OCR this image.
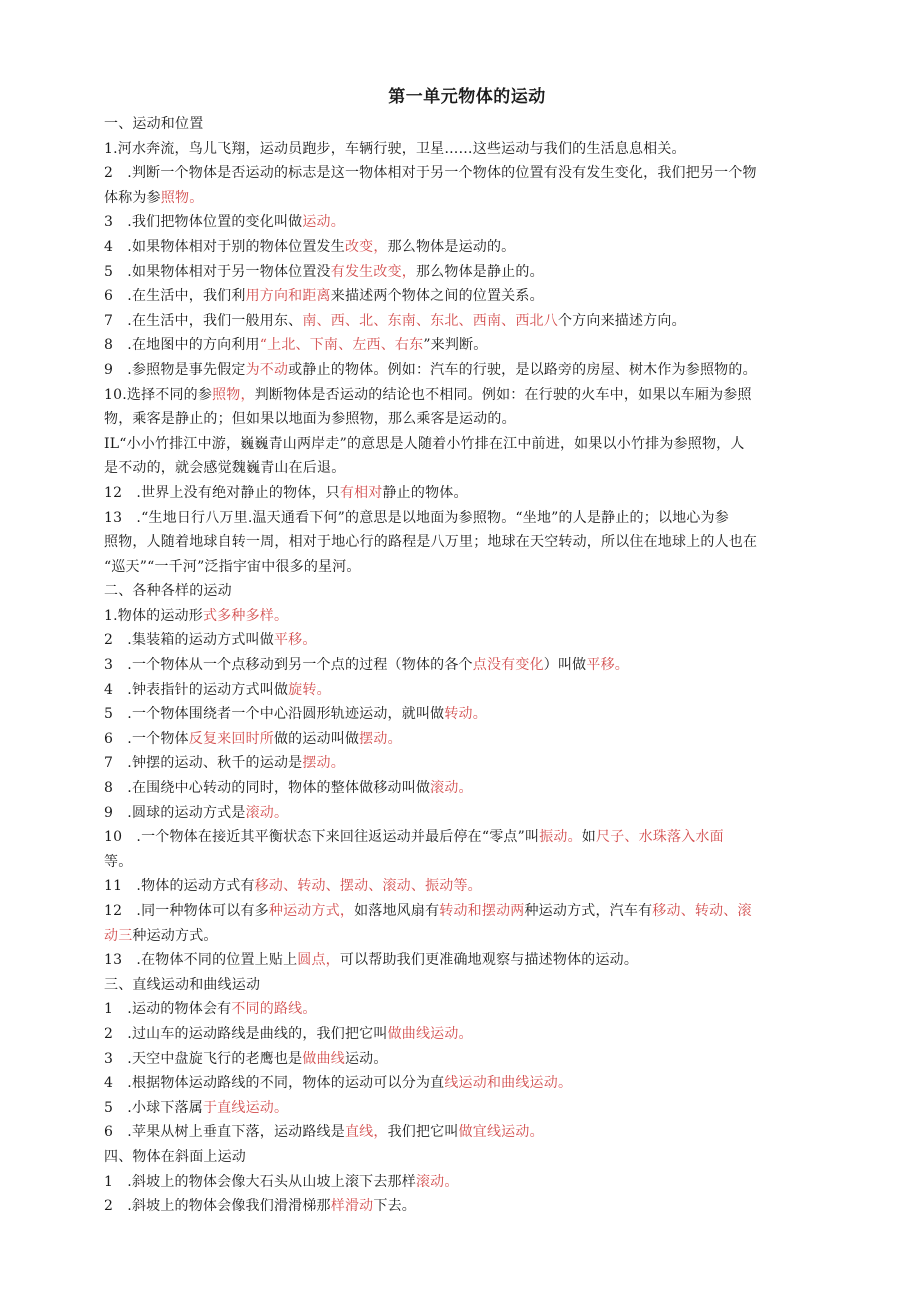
第一单元物体的运动
一、运动和位置
1.河水奔流，鸟儿飞翔，运动员跑步，车辆行驶，卫星……这些运动与我们的生活息息相关。
2　.判断一个物体是否运动的标志是这一物体相对于另一个物体的位置有没有发生变化，我们把另一个物
体称为参照物。
3　.我们把物体位置的变化叫做运动。
4　.如果物体相对于别的物体位置发生改变，那么物体是运动的。
5　.如果物体相对于另一物体位置没有发生改变，那么物体是静止的。
6　.在生活中，我们利用方向和距离来描述两个物体之间的位置关系。
7　.在生活中，我们一般用东、南、西、北、东南、东北、西南、西北八个方向来描述方向。
8　.在地图中的方向利用“上北、下南、左西、右东”来判断。
9　.参照物是事先假定为不动或静止的物体。例如：汽车的行驶，是以路旁的房屋、树木作为参照物的。
10.选择不同的参照物，判断物体是否运动的结论也不相同。例如：在行驶的火车中，如果以车厢为参照
物，乘客是静止的；但如果以地面为参照物，那么乘客是运动的。
IL“小小竹排江中游，巍巍青山两岸走”的意思是人随着小竹排在江中前进，如果以小竹排为参照物，人
是不动的，就会感觉魏巍青山在后退。
12　.世界上没有绝对静止的物体，只有相对静止的物体。
13　.“生地日行八万里.温天通看下何”的意思是以地面为参照物。“坐地”的人是静止的；以地心为参
照物，人随着地球自转一周，相对于地心行的路程是八万里；地球在天空转动，所以住在地球上的人也在
“巡天”“一千河”泛指宇宙中很多的星河。
二、各种各样的运动
1.物体的运动形式多种多样。
2　.集装箱的运动方式叫做平移。
3　.一个物体从一个点移动到另一个点的过程（物体的各个点没有变化）叫做平移。
4　.钟表指针的运动方式叫做旋转。
5　.一个物体围绕者一个中心沿圆形轨迹运动，就叫做转动。
6　.一个物体反复来回时所做的运动叫做摆动。
7　.钟摆的运动、秋千的运动是摆动。
8　.在围绕中心转动的同时，物体的整体做移动叫做滚动。
9　.圆球的运动方式是滚动。
10　.一个物体在接近其平衡状态下来回往返运动并最后停在“零点”叫振动。如尺子、水珠落入水面
等。
11　.物体的运动方式有移动、转动、摆动、滚动、振动等。
12　.同一种物体可以有多种运动方式，如落地风扇有转动和摆动两种运动方式，汽车有移动、转动、滚
动三种运动方式。
13　.在物体不同的位置上贴上圆点，可以帮助我们更准确地观察与描述物体的运动。
三、直线运动和曲线运动
1　.运动的物体会有不同的路线。
2　.过山车的运动路线是曲线的，我们把它叫做曲线运动。
3　.天空中盘旋飞行的老鹰也是做曲线运动。
4　.根据物体运动路线的不同，物体的运动可以分为直线运动和曲线运动。
5　.小球下落属于直线运动。
6　.苹果从树上垂直下落，运动路线是直线，我们把它叫做宜线运动。
四、物体在斜面上运动
1　.斜坡上的物体会像大石头从山坡上滚下去那样滚动。
2　.斜坡上的物体会像我们滑滑梯那样滑动下去。
